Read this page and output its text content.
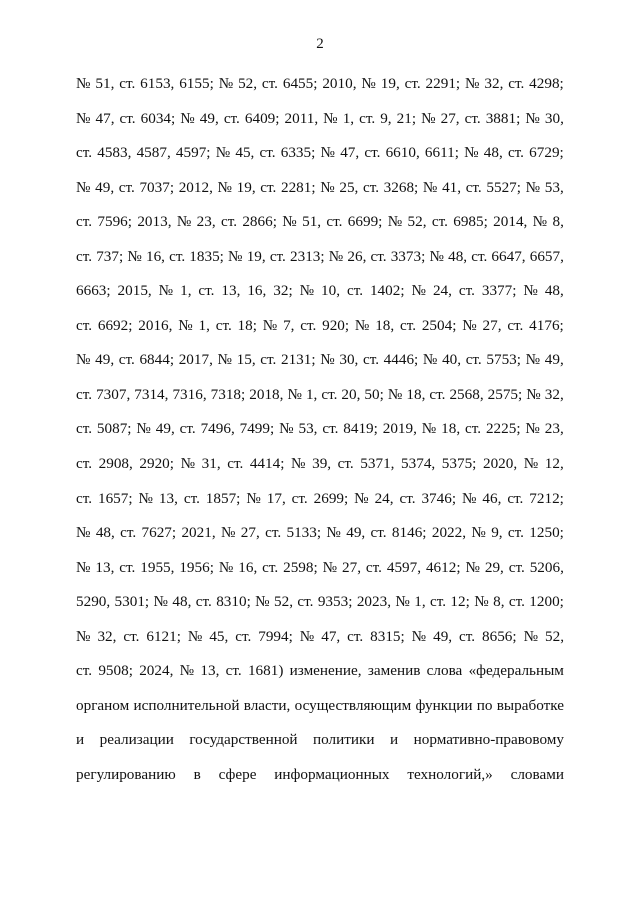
2
№ 51, ст. 6153, 6155; № 52, ст. 6455; 2010, № 19, ст. 2291; № 32, ст. 4298;
№ 47, ст. 6034; № 49, ст. 6409; 2011, № 1, ст. 9, 21; № 27, ст. 3881; № 30,
ст. 4583, 4587, 4597; № 45, ст. 6335; № 47, ст. 6610, 6611; № 48, ст. 6729;
№ 49, ст. 7037; 2012, № 19, ст. 2281; № 25, ст. 3268; № 41, ст. 5527; № 53,
ст. 7596; 2013, № 23, ст. 2866; № 51, ст. 6699; № 52, ст. 6985; 2014, № 8,
ст. 737; № 16, ст. 1835; № 19, ст. 2313; № 26, ст. 3373; № 48, ст. 6647, 6657,
6663; 2015, № 1, ст. 13, 16, 32; № 10, ст. 1402; № 24, ст. 3377; № 48,
ст. 6692; 2016, № 1, ст. 18; № 7, ст. 920; № 18, ст. 2504; № 27, ст. 4176;
№ 49, ст. 6844; 2017, № 15, ст. 2131; № 30, ст. 4446; № 40, ст. 5753; № 49,
ст. 7307, 7314, 7316, 7318; 2018, № 1, ст. 20, 50; № 18, ст. 2568, 2575; № 32,
ст. 5087; № 49, ст. 7496, 7499; № 53, ст. 8419; 2019, № 18, ст. 2225; № 23,
ст. 2908, 2920; № 31, ст. 4414; № 39, ст. 5371, 5374, 5375; 2020, № 12,
ст. 1657; № 13, ст. 1857; № 17, ст. 2699; № 24, ст. 3746; № 46, ст. 7212;
№ 48, ст. 7627; 2021, № 27, ст. 5133; № 49, ст. 8146; 2022, № 9, ст. 1250;
№ 13, ст. 1955, 1956; № 16, ст. 2598; № 27, ст. 4597, 4612; № 29, ст. 5206,
5290, 5301; № 48, ст. 8310; № 52, ст. 9353; 2023, № 1, ст. 12; № 8, ст. 1200;
№ 32, ст. 6121; № 45, ст. 7994; № 47, ст. 8315; № 49, ст. 8656; № 52,
ст. 9508; 2024, № 13, ст. 1681) изменение, заменив слова «федеральным
органом исполнительной власти, осуществляющим функции по выработке
и реализации государственной политики и нормативно-правовому
регулированию в сфере информационных технологий,» словами
